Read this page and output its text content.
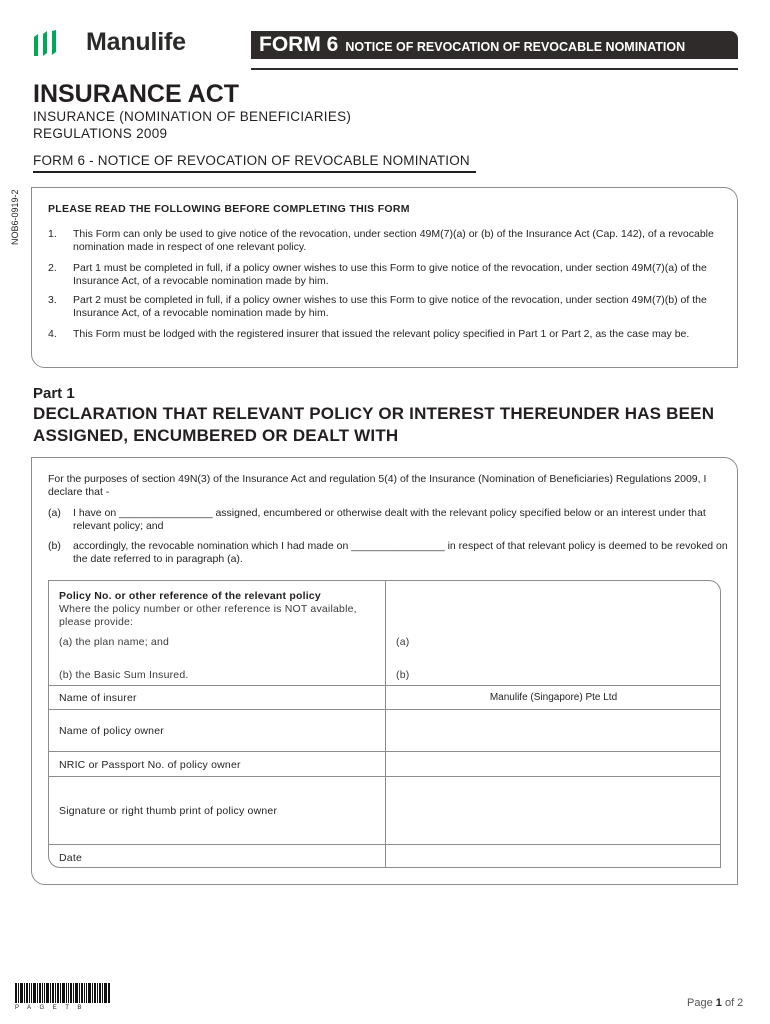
Manulife	FORM 6 NOTICE OF REVOCATION OF REVOCABLE NOMINATION
INSURANCE ACT
INSURANCE (NOMINATION OF BENEFICIARIES)
REGULATIONS 2009
FORM 6 - NOTICE OF REVOCATION OF REVOCABLE NOMINATION
NOB6-0919-2	PLEASE READ THE FOLLOWING BEFORE COMPLETING THIS FORM
1. This Form can only be used to give notice of the revocation, under section 49M(7)(a) or (b) of the Insurance Act (Cap. 142), of a revocable nomination made in respect of one relevant policy.
2. Part 1 must be completed in full, if a policy owner wishes to use this Form to give notice of the revocation, under section 49M(7)(a) of the Insurance Act, of a revocable nomination made by him.
3. Part 2 must be completed in full, if a policy owner wishes to use this Form to give notice of the revocation, under section 49M(7)(b) of the Insurance Act, of a revocable nomination made by him.
4. This Form must be lodged with the registered insurer that issued the relevant policy specified in Part 1 or Part 2, as the case may be.
Part 1
DECLARATION THAT RELEVANT POLICY OR INTEREST THEREUNDER HAS BEEN ASSIGNED, ENCUMBERED OR DEALT WITH
For the purposes of section 49N(3) of the Insurance Act and regulation 5(4) of the Insurance (Nomination of Beneficiaries) Regulations 2009, I declare that -
(a) I have on ________________ assigned, encumbered or otherwise dealt with the relevant policy specified below or an interest under that relevant policy; and
(b) accordingly, the revocable nomination which I had made on ________________ in respect of that relevant policy is deemed to be revoked on the date referred to in paragraph (a).
Policy No. or other reference of the relevant policy
Where the policy number or other reference is NOT available, please provide:
(a) the plan name; and	(a)
(b) the Basic Sum Insured.	(b)
Name of insurer	Manulife (Singapore) Pte Ltd
Name of policy owner
NRIC or Passport No. of policy owner
Signature or right thumb print of policy owner
Date
PAGETB	Page 1 of 2
